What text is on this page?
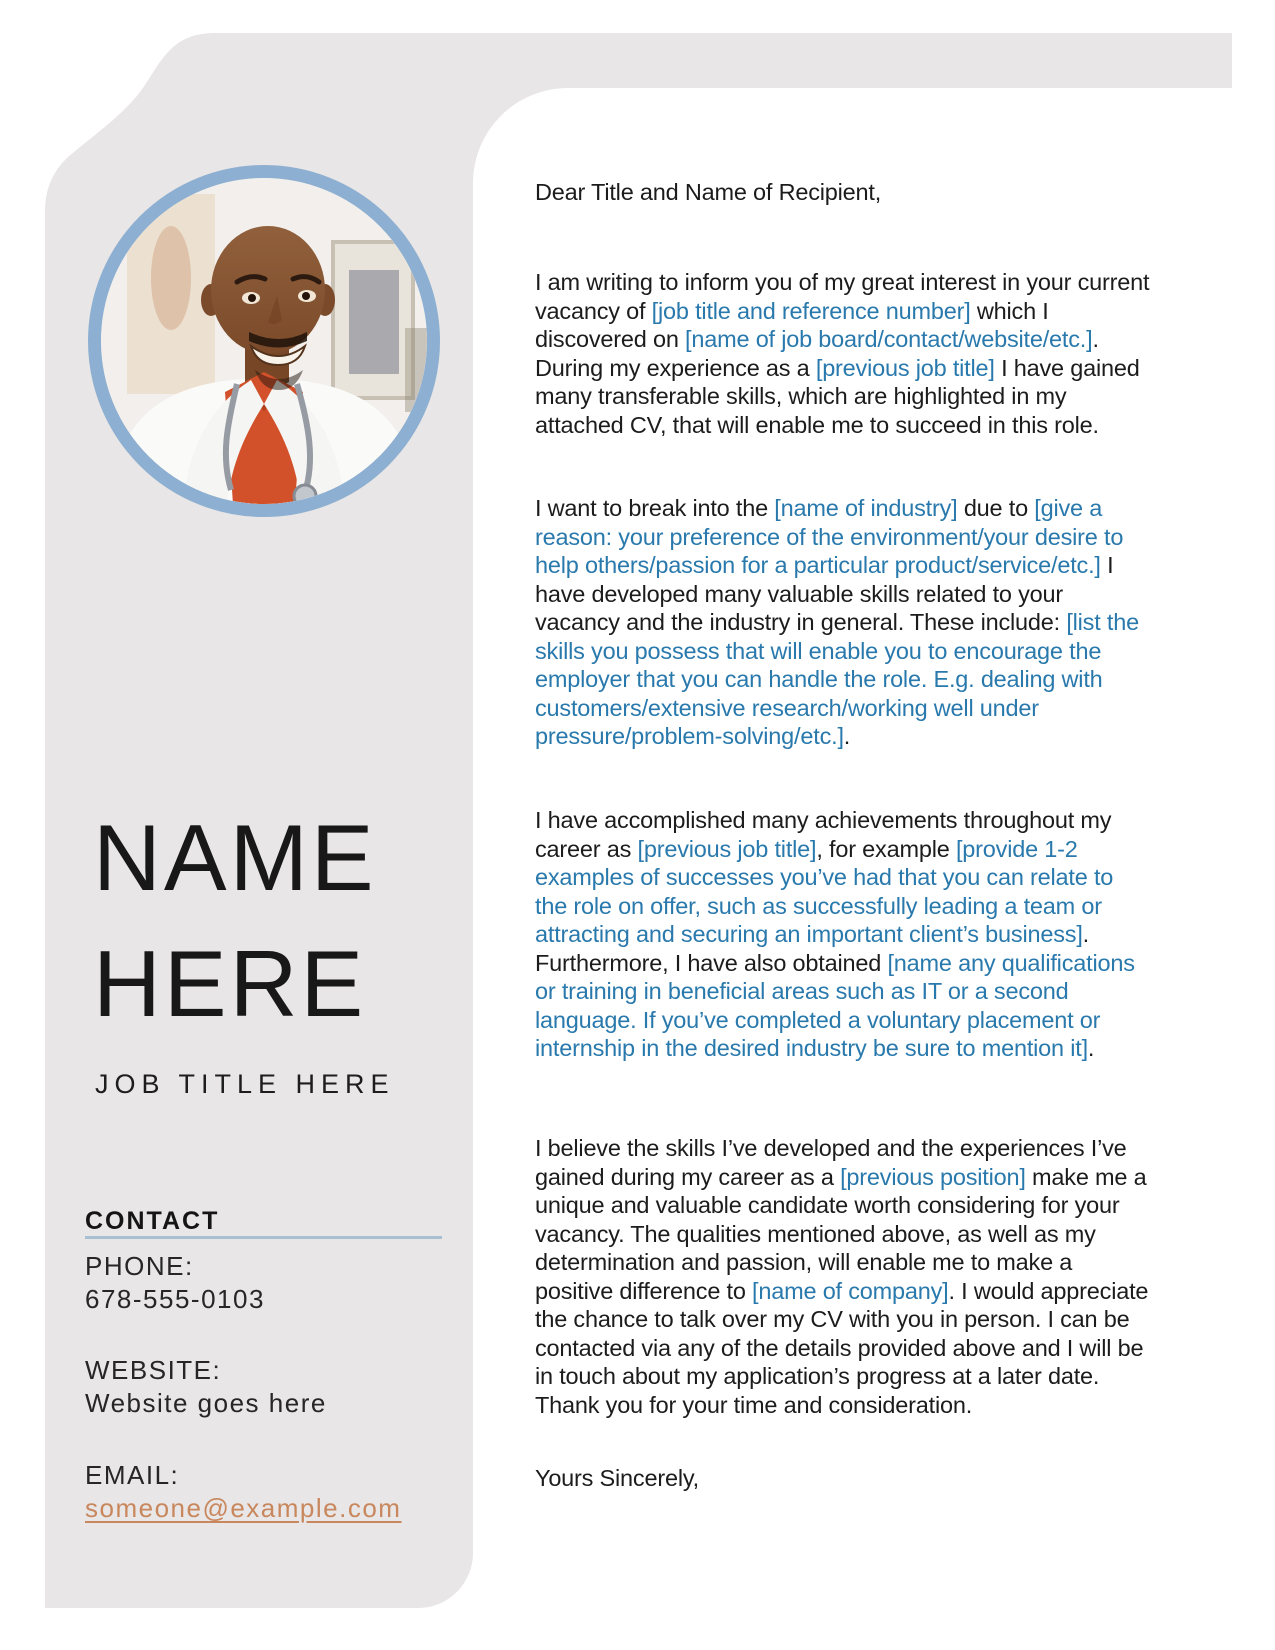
NAME
HERE
JOB TITLE HERE
CONTACT
PHONE:
678-555-0103
WEBSITE:
Website goes here
EMAIL:
someone@example.com

Dear Title and Name of Recipient,

I am writing to inform you of my great interest in your current vacancy of [job title and reference number] which I discovered on [name of job board/contact/website/etc.]. During my experience as a [previous job title] I have gained many transferable skills, which are highlighted in my attached CV, that will enable me to succeed in this role.

I want to break into the [name of industry] due to [give a reason: your preference of the environment/your desire to help others/passion for a particular product/service/etc.] I have developed many valuable skills related to your vacancy and the industry in general. These include: [list the skills you possess that will enable you to encourage the employer that you can handle the role. E.g. dealing with customers/extensive research/working well under pressure/problem-solving/etc.].

I have accomplished many achievements throughout my career as [previous job title], for example [provide 1-2 examples of successes you’ve had that you can relate to the role on offer, such as successfully leading a team or attracting and securing an important client’s business]. Furthermore, I have also obtained [name any qualifications or training in beneficial areas such as IT or a second language. If you’ve completed a voluntary placement or internship in the desired industry be sure to mention it].

I believe the skills I’ve developed and the experiences I’ve gained during my career as a [previous position] make me a unique and valuable candidate worth considering for your vacancy. The qualities mentioned above, as well as my determination and passion, will enable me to make a positive difference to [name of company]. I would appreciate the chance to talk over my CV with you in person. I can be contacted via any of the details provided above and I will be in touch about my application’s progress at a later date. Thank you for your time and consideration.

Yours Sincerely,
